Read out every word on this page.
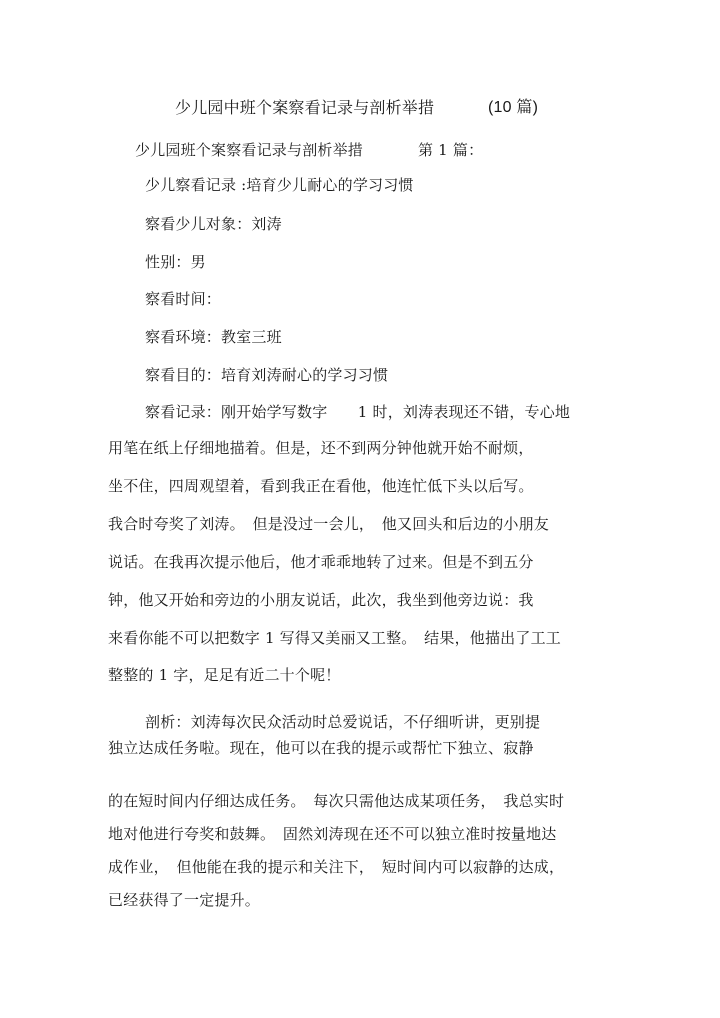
少儿园中班个案察看记录与剖析举措	(10 篇)
少儿园班个案察看记录与剖析举措	第 1 篇：
少儿察看记录 :培育少儿耐心的学习习惯
察看少儿对象：刘涛
性别：男
察看时间：
察看环境：教室三班
察看目的：培育刘涛耐心的学习习惯
察看记录：刚开始学写数字　　1 时，刘涛表现还不错，专心地
用笔在纸上仔细地描着。但是，还不到两分钟他就开始不耐烦，
坐不住，四周观望着，看到我正在看他，他连忙低下头以后写。
我合时夸奖了刘涛。　但是没过一会儿，　他又回头和后边的小朋友
说话。在我再次提示他后，他才乖乖地转了过来。但是不到五分
钟，他又开始和旁边的小朋友说话，此次，我坐到他旁边说：我
来看你能不可以把数字 1 写得又美丽又工整。　结果，他描出了工工
整整的 1 字，足足有近二十个呢！
剖析：刘涛每次民众活动时总爱说话，不仔细听讲，更别提
独立达成任务啦。现在，他可以在我的提示或帮忙下独立、寂静
的在短时间内仔细达成任务。　每次只需他达成某项任务，　我总实时
地对他进行夸奖和鼓舞。　固然刘涛现在还不可以独立准时按量地达
成作业，　但他能在我的提示和关注下，　短时间内可以寂静的达成，
已经获得了一定提升。
